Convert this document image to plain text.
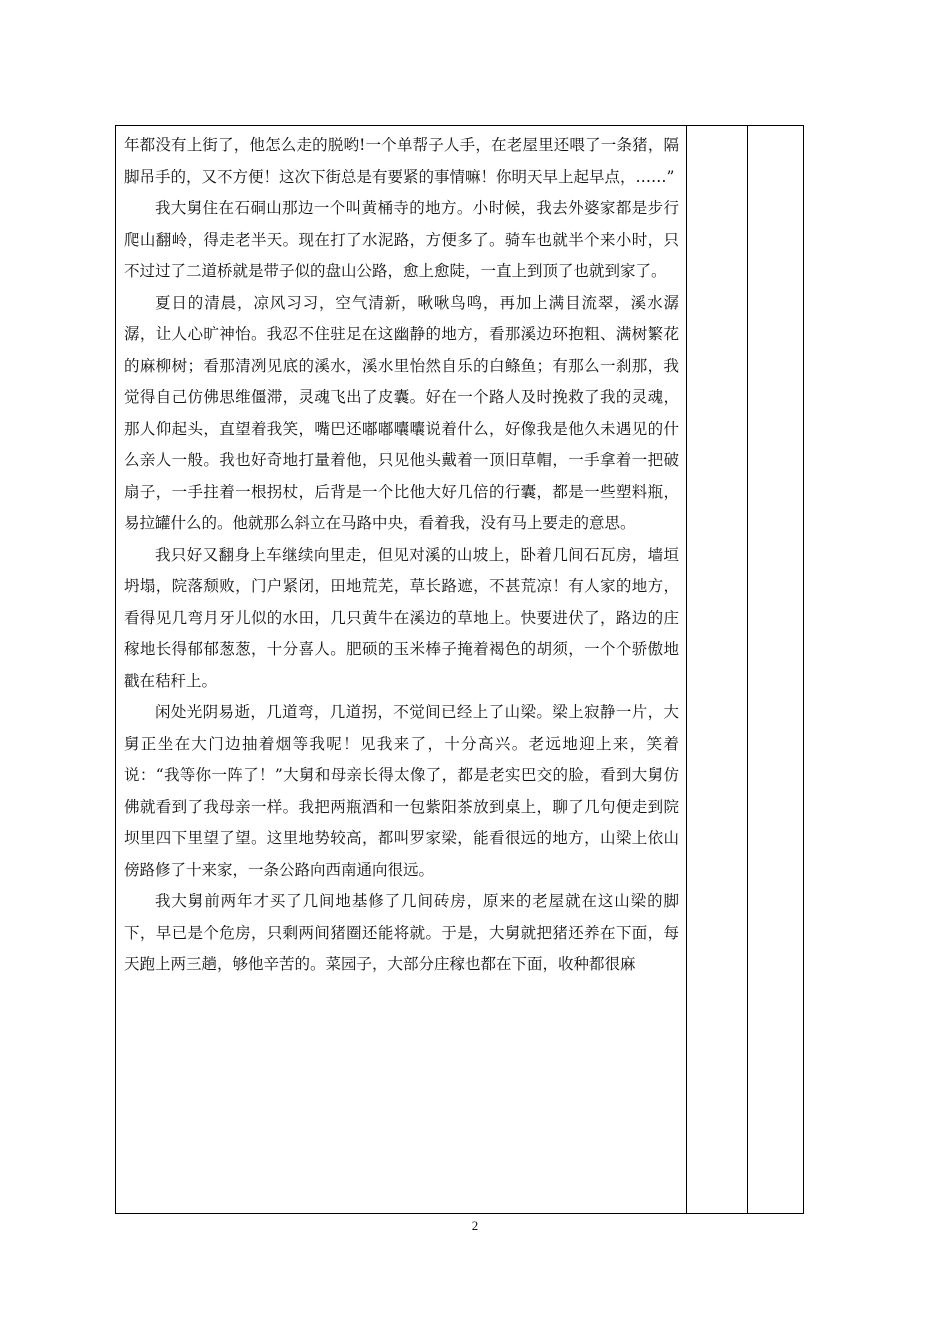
年都没有上街了，他怎么走的脱哟!一个单帮子人手，在老屋里还喂了一条猪，隔脚吊手的，又不方便！这次下街总是有要紧的事情嘛！你明天早上起早点，……”

我大舅住在石硐山那边一个叫黄桶寺的地方。小时候，我去外婆家都是步行爬山翻岭，得走老半天。现在打了水泥路，方便多了。骑车也就半个来小时，只不过过了二道桥就是带子似的盘山公路，愈上愈陡，一直上到顶了也就到家了。

夏日的清晨，凉风习习，空气清新，啾啾鸟鸣，再加上满目流翠，溪水潺潺，让人心旷神怡。我忍不住驻足在这幽静的地方，看那溪边环抱粗、满树繁花的麻柳树；看那清冽见底的溪水，溪水里怡然自乐的白鲦鱼；有那么一刹那，我觉得自己仿佛思维僵滞，灵魂飞出了皮囊。好在一个路人及时挽救了我的灵魂，那人仰起头，直望着我笑，嘴巴还嘟嘟囔囔说着什么，好像我是他久未遇见的什么亲人一般。我也好奇地打量着他，只见他头戴着一顶旧草帽，一手拿着一把破扇子，一手拄着一根拐杖，后背是一个比他大好几倍的行囊，都是一些塑料瓶，易拉罐什么的。他就那么斜立在马路中央，看着我，没有马上要走的意思。

我只好又翻身上车继续向里走，但见对溪的山坡上，卧着几间石瓦房，墙垣坍塌，院落颓败，门户紧闭，田地荒芜，草长路遮，不甚荒凉！有人家的地方，看得见几弯月牙儿似的水田，几只黄牛在溪边的草地上。快要进伏了，路边的庄稼地长得郁郁葱葱，十分喜人。肥硕的玉米棒子掩着褐色的胡须，一个个骄傲地戳在秸秆上。

闲处光阴易逝，几道弯，几道拐，不觉间已经上了山梁。梁上寂静一片，大舅正坐在大门边抽着烟等我呢！见我来了，十分高兴。老远地迎上来，笑着说：“我等你一阵了！”大舅和母亲长得太像了，都是老实巴交的脸，看到大舅仿佛就看到了我母亲一样。我把两瓶酒和一包紫阳茶放到桌上，聊了几句便走到院坝里四下里望了望。这里地势较高，都叫罗家梁，能看很远的地方，山梁上依山傍路修了十来家，一条公路向西南通向很远。

我大舅前两年才买了几间地基修了几间砖房，原来的老屋就在这山梁的脚下，早已是个危房，只剩两间猪圈还能将就。于是，大舅就把猪还养在下面，每天跑上两三趟，够他辛苦的。菜园子，大部分庄稼也都在下面，收种都很麻

2
